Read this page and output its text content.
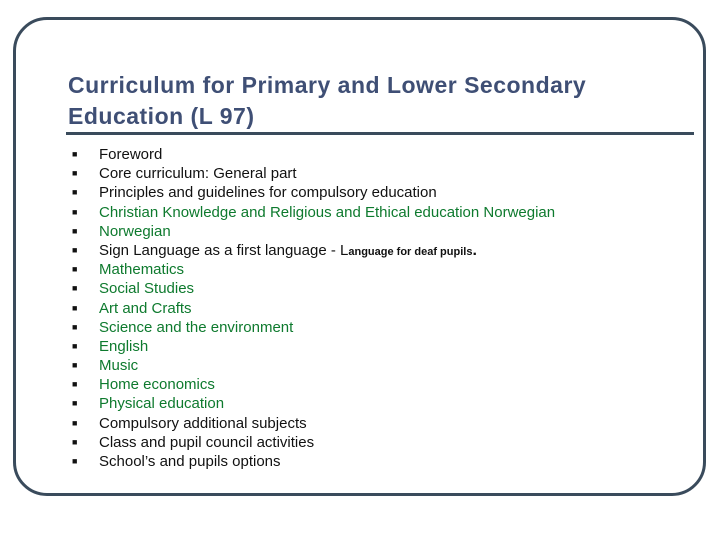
Curriculum for Primary and Lower Secondary
Education (L 97)
■ Foreword
■ Core curriculum: General part
■ Principles and guidelines for compulsory education
■ Christian Knowledge and Religious and Ethical education Norwegian
■ Norwegian
■ Sign Language as a first language - Language for deaf pupils.
■ Mathematics
■ Social Studies
■ Art and Crafts
■ Science and the environment
■ English
■ Music
■ Home economics
■ Physical education
■ Compulsory additional subjects
■ Class and pupil council activities
■ School’s and pupils options
